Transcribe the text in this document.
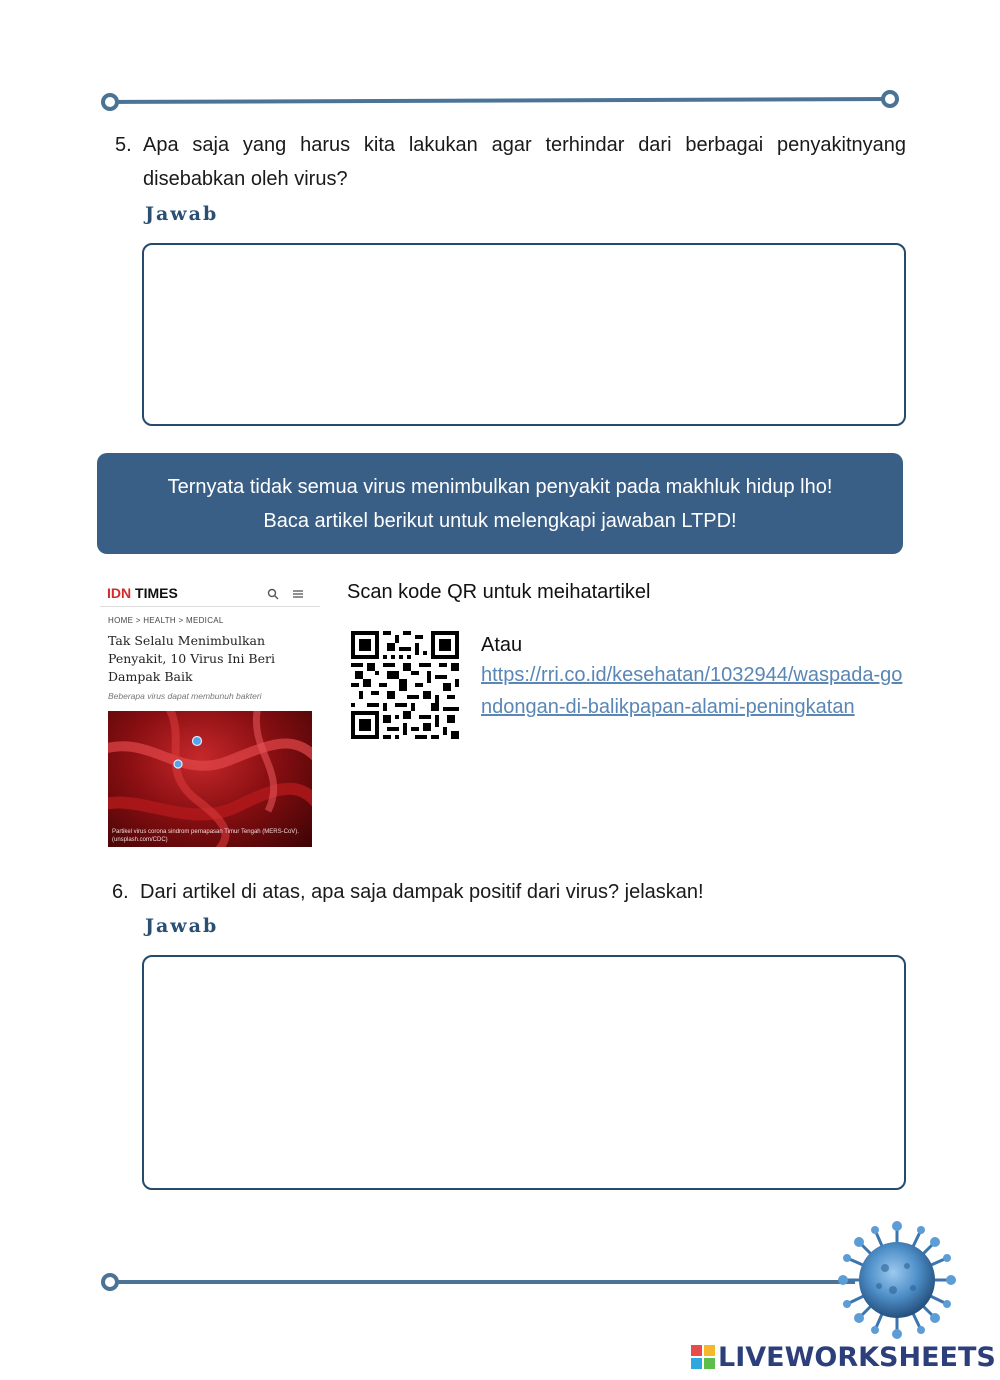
5. Apa saja yang harus kita lakukan agar terhindar dari berbagai penyakitnyang disebabkan oleh virus?
Jawab
Ternyata tidak semua virus menimbulkan penyakit pada makhluk hidup lho!
Baca artikel berikut untuk melengkapi jawaban LTPD!
IDN TIMES
HOME > HEALTH > MEDICAL
Tak Selalu Menimbulkan Penyakit, 10 Virus Ini Beri Dampak Baik
Beberapa virus dapat membunuh bakteri
Partikel virus corona sindrom pernapasan Timur Tengah (MERS-CoV). (unsplash.com/CDC)
Scan kode QR untuk meihatartikel
Atau
https://rri.co.id/kesehatan/1032944/waspada-gondongan-di-balikpapan-alami-peningkatan
6. Dari artikel di atas, apa saja dampak positif dari virus? jelaskan!
Jawab
LIVEWORKSHEETS
